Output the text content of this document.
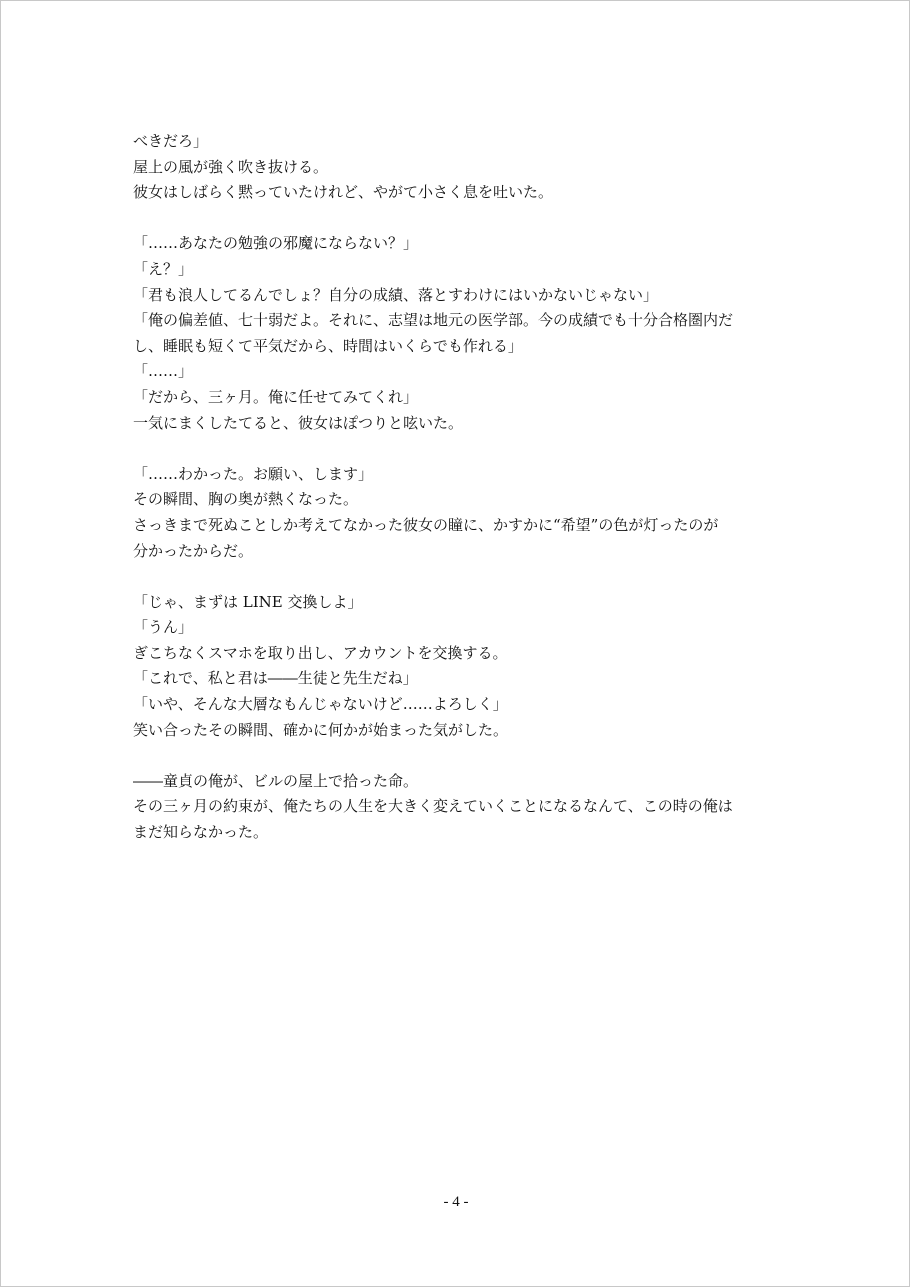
べきだろ」
屋上の風が強く吹き抜ける。
彼女はしばらく黙っていたけれど、やがて小さく息を吐いた。
「……あなたの勉強の邪魔にならない？」
「え？」
「君も浪人してるんでしょ？自分の成績、落とすわけにはいかないじゃない」
「俺の偏差値、七十弱だよ。それに、志望は地元の医学部。今の成績でも十分合格圏内だ
し、睡眠も短くて平気だから、時間はいくらでも作れる」
「……」
「だから、三ヶ月。俺に任せてみてくれ」
一気にまくしたてると、彼女はぽつりと呟いた。
「……わかった。お願い、します」
その瞬間、胸の奥が熱くなった。
さっきまで死ぬことしか考えてなかった彼女の瞳に、かすかに“希望”の色が灯ったのが
分かったからだ。
「じゃ、まずは LINE 交換しよ」
「うん」
ぎこちなくスマホを取り出し、アカウントを交換する。
「これで、私と君は――生徒と先生だね」
「いや、そんな大層なもんじゃないけど……よろしく」
笑い合ったその瞬間、確かに何かが始まった気がした。
――童貞の俺が、ビルの屋上で拾った命。
その三ヶ月の約束が、俺たちの人生を大きく変えていくことになるなんて、この時の俺は
まだ知らなかった。
- 4 -
